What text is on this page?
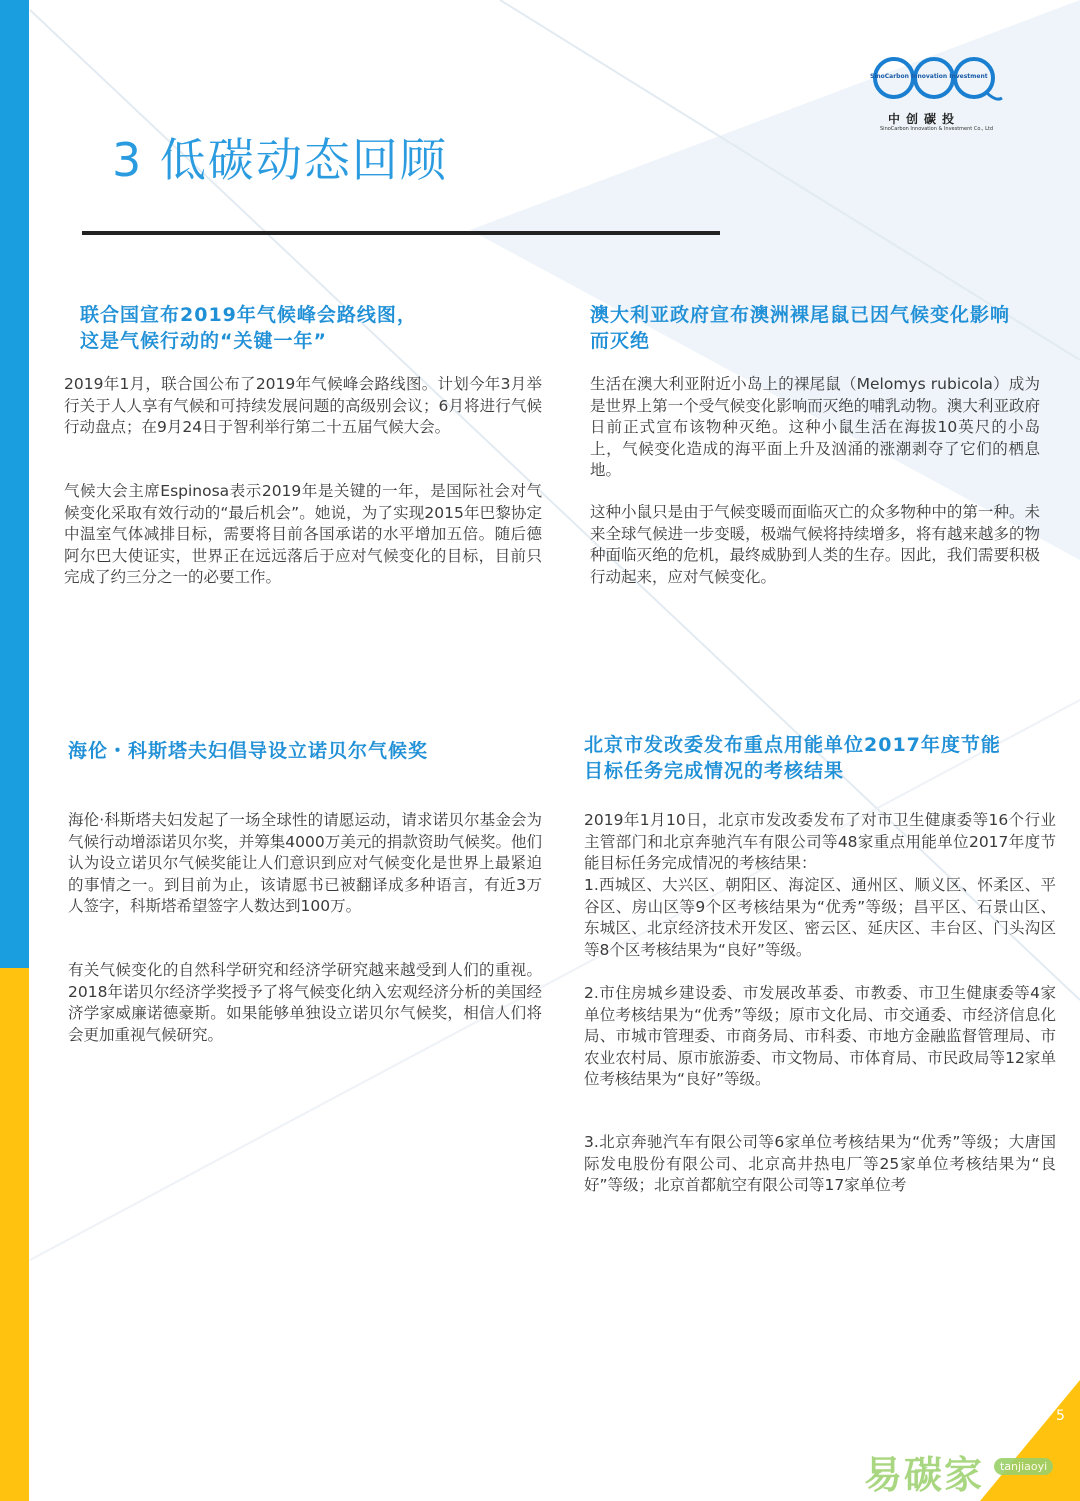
SinoCarbon Innovation Investment
中创碳投
SinoCarbon Innovation & Investment Co., Ltd
3 低碳动态回顾
联合国宣布2019年气候峰会路线图，
这是气候行动的“关键一年”
2019年1月，联合国公布了2019年气候峰会路线图。计划今年3月举行关于人人享有气候和可持续发展问题的高级别会议；6月将进行气候行动盘点；在9月24日于智利举行第二十五届气候大会。
气候大会主席Espinosa表示2019年是关键的一年，是国际社会对气候变化采取有效行动的“最后机会”。她说，为了实现2015年巴黎协定中温室气体减排目标，需要将目前各国承诺的水平增加五倍。随后德阿尔巴大使证实，世界正在远远落后于应对气候变化的目标，目前只完成了约三分之一的必要工作。
澳大利亚政府宣布澳洲裸尾鼠已因气候变化影响
而灭绝
生活在澳大利亚附近小岛上的裸尾鼠（Melomys rubicola）成为是世界上第一个受气候变化影响而灭绝的哺乳动物。澳大利亚政府日前正式宣布该物种灭绝。这种小鼠生活在海拔10英尺的小岛上，气候变化造成的海平面上升及汹涌的涨潮剥夺了它们的栖息地。
这种小鼠只是由于气候变暖而面临灭亡的众多物种中的第一种。未来全球气候进一步变暖，极端气候将持续增多，将有越来越多的物种面临灭绝的危机，最终威胁到人类的生存。因此，我们需要积极行动起来，应对气候变化。
海伦・科斯塔夫妇倡导设立诺贝尔气候奖
海伦·科斯塔夫妇发起了一场全球性的请愿运动，请求诺贝尔基金会为气候行动增添诺贝尔奖，并筹集4000万美元的捐款资助气候奖。他们认为设立诺贝尔气候奖能让人们意识到应对气候变化是世界上最紧迫的事情之一。到目前为止，该请愿书已被翻译成多种语言，有近3万人签字，科斯塔希望签字人数达到100万。
有关气候变化的自然科学研究和经济学研究越来越受到人们的重视。2018年诺贝尔经济学奖授予了将气候变化纳入宏观经济分析的美国经济学家威廉诺德豪斯。如果能够单独设立诺贝尔气候奖，相信人们将会更加重视气候研究。
北京市发改委发布重点用能单位2017年度节能
目标任务完成情况的考核结果
2019年1月10日，北京市发改委发布了对市卫生健康委等16个行业主管部门和北京奔驰汽车有限公司等48家重点用能单位2017年度节能目标任务完成情况的考核结果：
1.西城区、大兴区、朝阳区、海淀区、通州区、顺义区、怀柔区、平谷区、房山区等9个区考核结果为“优秀”等级；昌平区、石景山区、东城区、北京经济技术开发区、密云区、延庆区、丰台区、门头沟区等8个区考核结果为“良好”等级。
2.市住房城乡建设委、市发展改革委、市教委、市卫生健康委等4家单位考核结果为“优秀”等级；原市文化局、市交通委、市经济信息化局、市城市管理委、市商务局、市科委、市地方金融监督管理局、市农业农村局、原市旅游委、市文物局、市体育局、市民政局等12家单位考核结果为“良好”等级。
3.北京奔驰汽车有限公司等6家单位考核结果为“优秀”等级；大唐国际发电股份有限公司、北京高井热电厂等25家单位考核结果为“良好”等级；北京首都航空有限公司等17家单位考
5
易碳家	tanjiaoyi
